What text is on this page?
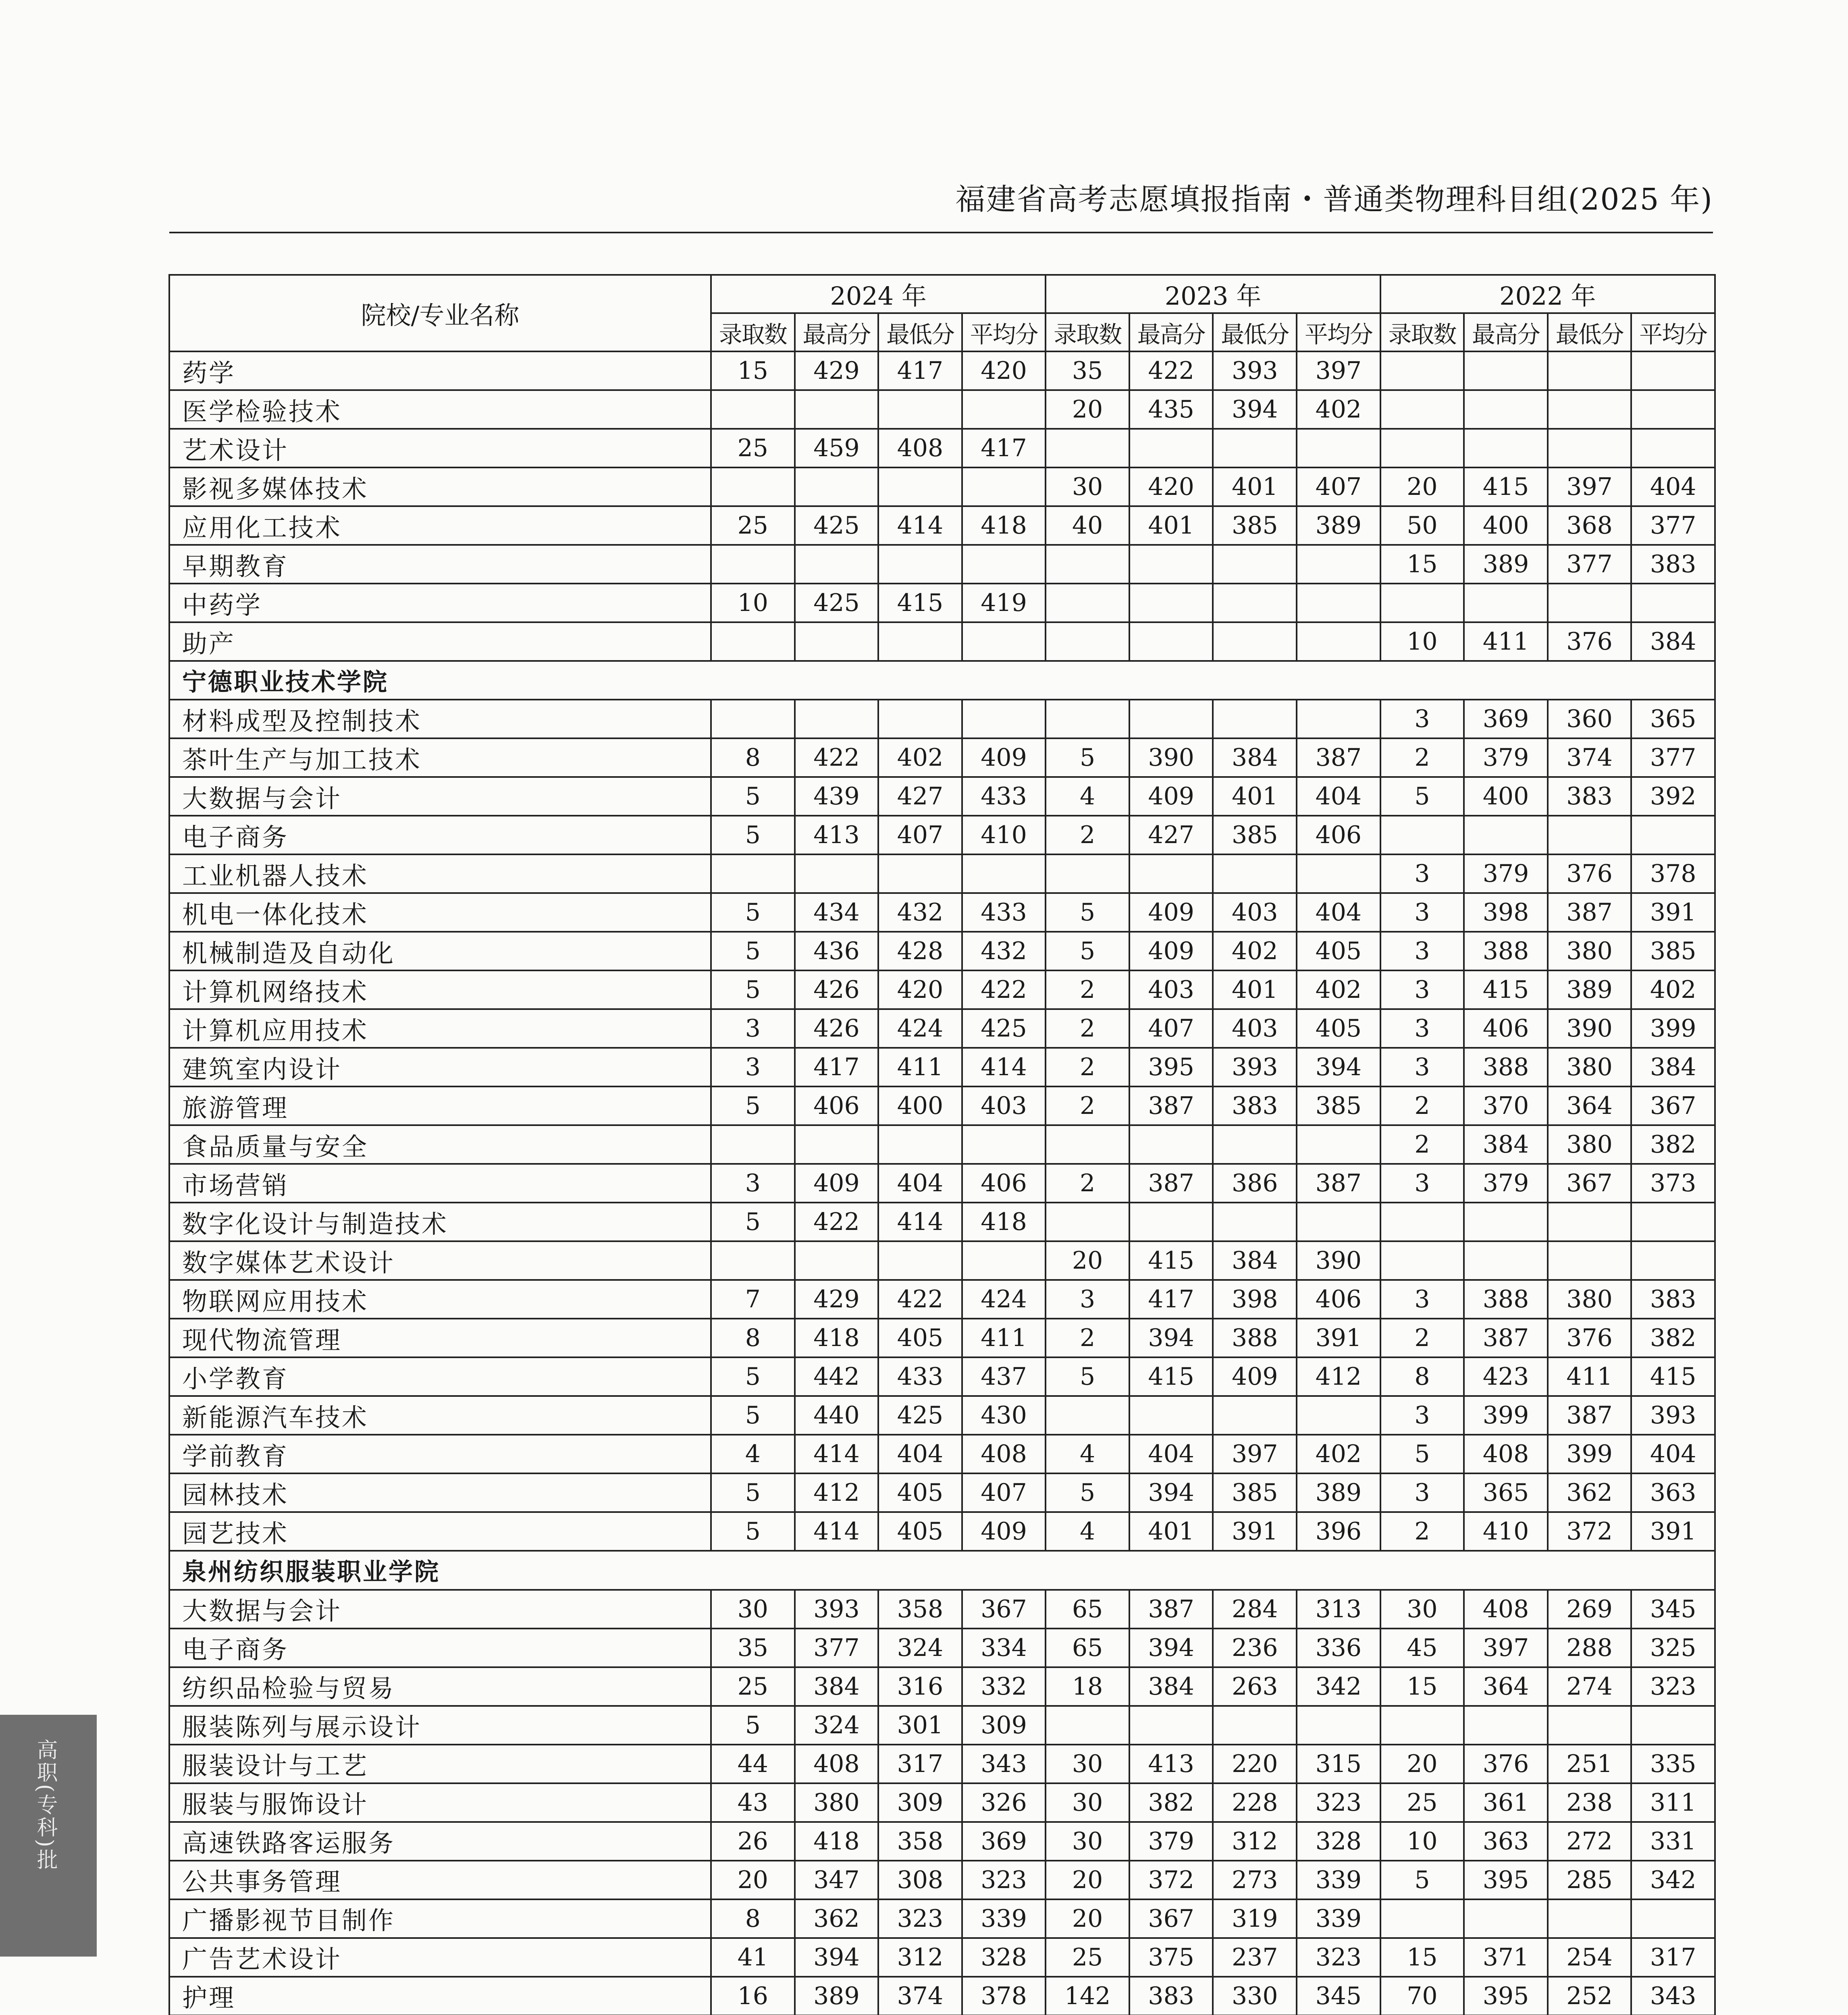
福建省高考志愿填报指南・普通类物理科目组(2025 年)
院校/专业名称	2024 年				2023 年				2022 年			
	录取数	最高分	最低分	平均分	录取数	最高分	最低分	平均分	录取数	最高分	最低分	平均分
药学	15	429	417	420	35	422	393	397				
医学检验技术					20	435	394	402				
艺术设计	25	459	408	417								
影视多媒体技术					30	420	401	407	20	415	397	404
应用化工技术	25	425	414	418	40	401	385	389	50	400	368	377
早期教育									15	389	377	383
中药学	10	425	415	419								
助产									10	411	376	384
宁德职业技术学院												
材料成型及控制技术									3	369	360	365
茶叶生产与加工技术	8	422	402	409	5	390	384	387	2	379	374	377
大数据与会计	5	439	427	433	4	409	401	404	5	400	383	392
电子商务	5	413	407	410	2	427	385	406				
工业机器人技术									3	379	376	378
机电一体化技术	5	434	432	433	5	409	403	404	3	398	387	391
机械制造及自动化	5	436	428	432	5	409	402	405	3	388	380	385
计算机网络技术	5	426	420	422	2	403	401	402	3	415	389	402
计算机应用技术	3	426	424	425	2	407	403	405	3	406	390	399
建筑室内设计	3	417	411	414	2	395	393	394	3	388	380	384
旅游管理	5	406	400	403	2	387	383	385	2	370	364	367
食品质量与安全									2	384	380	382
市场营销	3	409	404	406	2	387	386	387	3	379	367	373
数字化设计与制造技术	5	422	414	418								
数字媒体艺术设计					20	415	384	390				
物联网应用技术	7	429	422	424	3	417	398	406	3	388	380	383
现代物流管理	8	418	405	411	2	394	388	391	2	387	376	382
小学教育	5	442	433	437	5	415	409	412	8	423	411	415
新能源汽车技术	5	440	425	430					3	399	387	393
学前教育	4	414	404	408	4	404	397	402	5	408	399	404
园林技术	5	412	405	407	5	394	385	389	3	365	362	363
园艺技术	5	414	405	409	4	401	391	396	2	410	372	391
泉州纺织服装职业学院												
大数据与会计	30	393	358	367	65	387	284	313	30	408	269	345
电子商务	35	377	324	334	65	394	236	336	45	397	288	325
纺织品检验与贸易	25	384	316	332	18	384	263	342	15	364	274	323
服装陈列与展示设计	5	324	301	309								
服装设计与工艺	44	408	317	343	30	413	220	315	20	376	251	335
服装与服饰设计	43	380	309	326	30	382	228	323	25	361	238	311
高速铁路客运服务	26	418	358	369	30	379	312	328	10	363	272	331
公共事务管理	20	347	308	323	20	372	273	339	5	395	285	342
广播影视节目制作	8	362	323	339	20	367	319	339				
广告艺术设计	41	394	312	328	25	375	237	323	15	371	254	317
护理	16	389	374	378	142	383	330	345	70	395	252	343

高职(专科)批
